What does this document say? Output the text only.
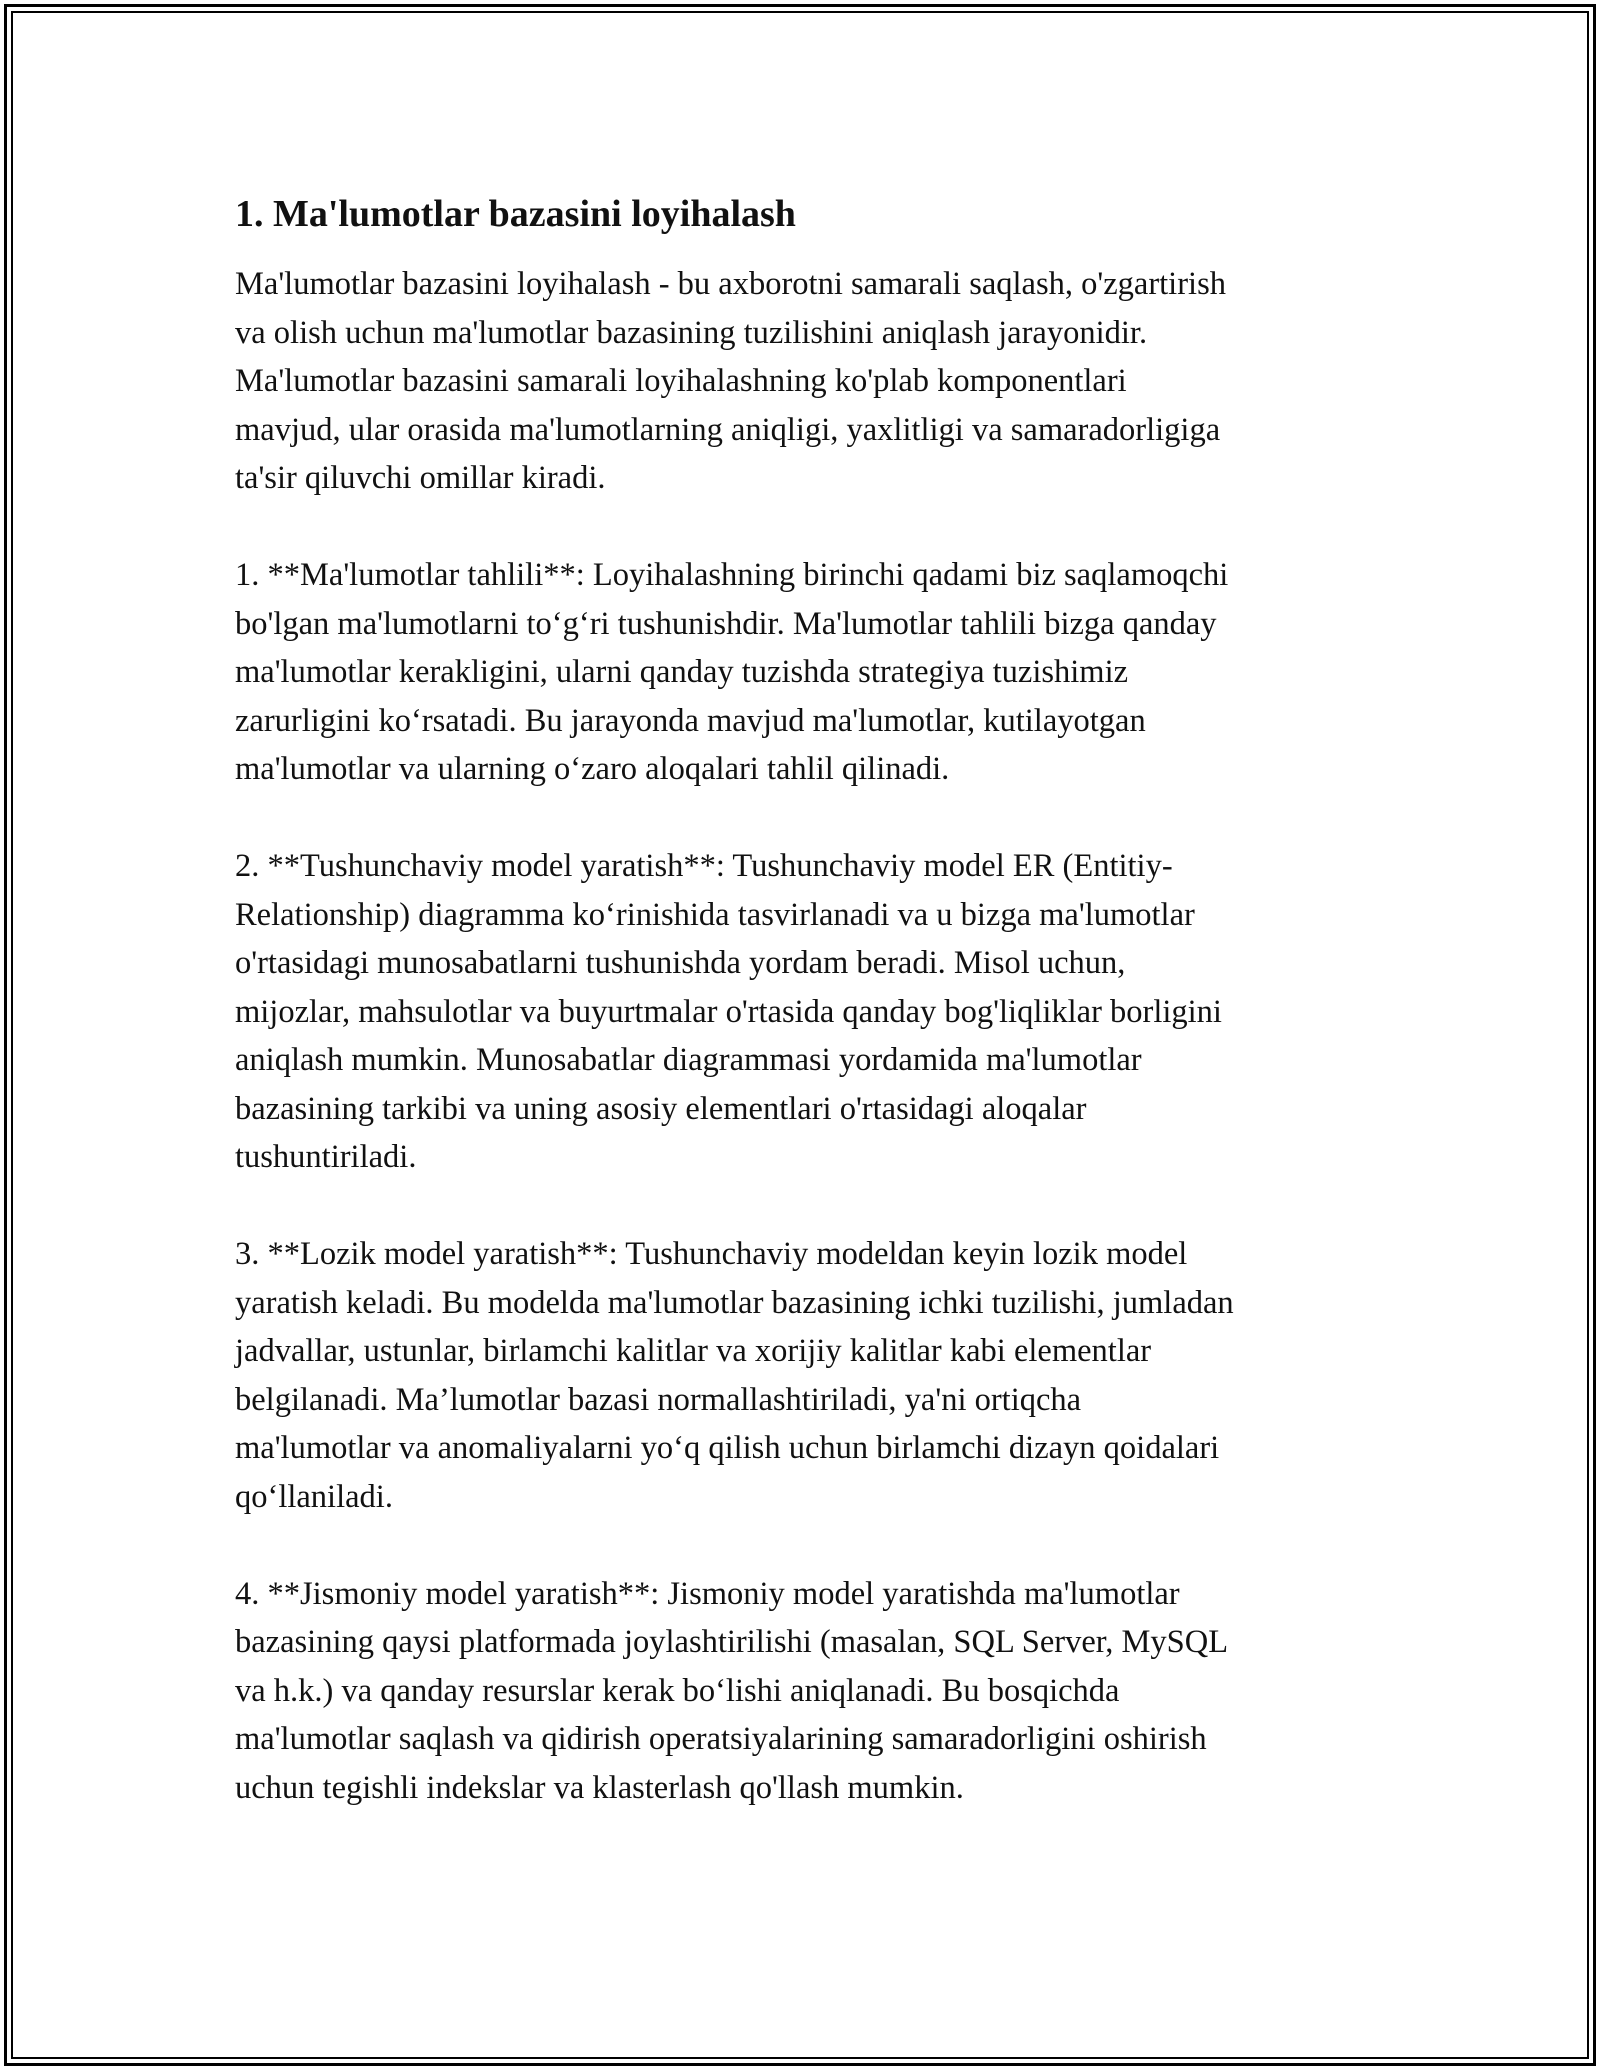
1. Ma'lumotlar bazasini loyihalash
Ma'lumotlar bazasini loyihalash - bu axborotni samarali saqlash, o'zgartirish
va olish uchun ma'lumotlar bazasining tuzilishini aniqlash jarayonidir.
Ma'lumotlar bazasini samarali loyihalashning ko'plab komponentlari
mavjud, ular orasida ma'lumotlarning aniqligi, yaxlitligi va samaradorligiga
ta'sir qiluvchi omillar kiradi.
1. **Ma'lumotlar tahlili**: Loyihalashning birinchi qadami biz saqlamoqchi
bo'lgan ma'lumotlarni to‘g‘ri tushunishdir. Ma'lumotlar tahlili bizga qanday
ma'lumotlar kerakligini, ularni qanday tuzishda strategiya tuzishimiz
zarurligini ko‘rsatadi. Bu jarayonda mavjud ma'lumotlar, kutilayotgan
ma'lumotlar va ularning o‘zaro aloqalari tahlil qilinadi.
2. **Tushunchaviy model yaratish**: Tushunchaviy model ER (Entitiy-
Relationship) diagramma ko‘rinishida tasvirlanadi va u bizga ma'lumotlar
o'rtasidagi munosabatlarni tushunishda yordam beradi. Misol uchun,
mijozlar, mahsulotlar va buyurtmalar o'rtasida qanday bog'liqliklar borligini
aniqlash mumkin. Munosabatlar diagrammasi yordamida ma'lumotlar
bazasining tarkibi va uning asosiy elementlari o'rtasidagi aloqalar
tushuntiriladi.
3. **Lozik model yaratish**: Tushunchaviy modeldan keyin lozik model
yaratish keladi. Bu modelda ma'lumotlar bazasining ichki tuzilishi, jumladan
jadvallar, ustunlar, birlamchi kalitlar va xorijiy kalitlar kabi elementlar
belgilanadi. Ma’lumotlar bazasi normallashtiriladi, ya'ni ortiqcha
ma'lumotlar va anomaliyalarni yo‘q qilish uchun birlamchi dizayn qoidalari
qo‘llaniladi.
4. **Jismoniy model yaratish**: Jismoniy model yaratishda ma'lumotlar
bazasining qaysi platformada joylashtirilishi (masalan, SQL Server, MySQL
va h.k.) va qanday resurslar kerak bo‘lishi aniqlanadi. Bu bosqichda
ma'lumotlar saqlash va qidirish operatsiyalarining samaradorligini oshirish
uchun tegishli indekslar va klasterlash qo'llash mumkin.
